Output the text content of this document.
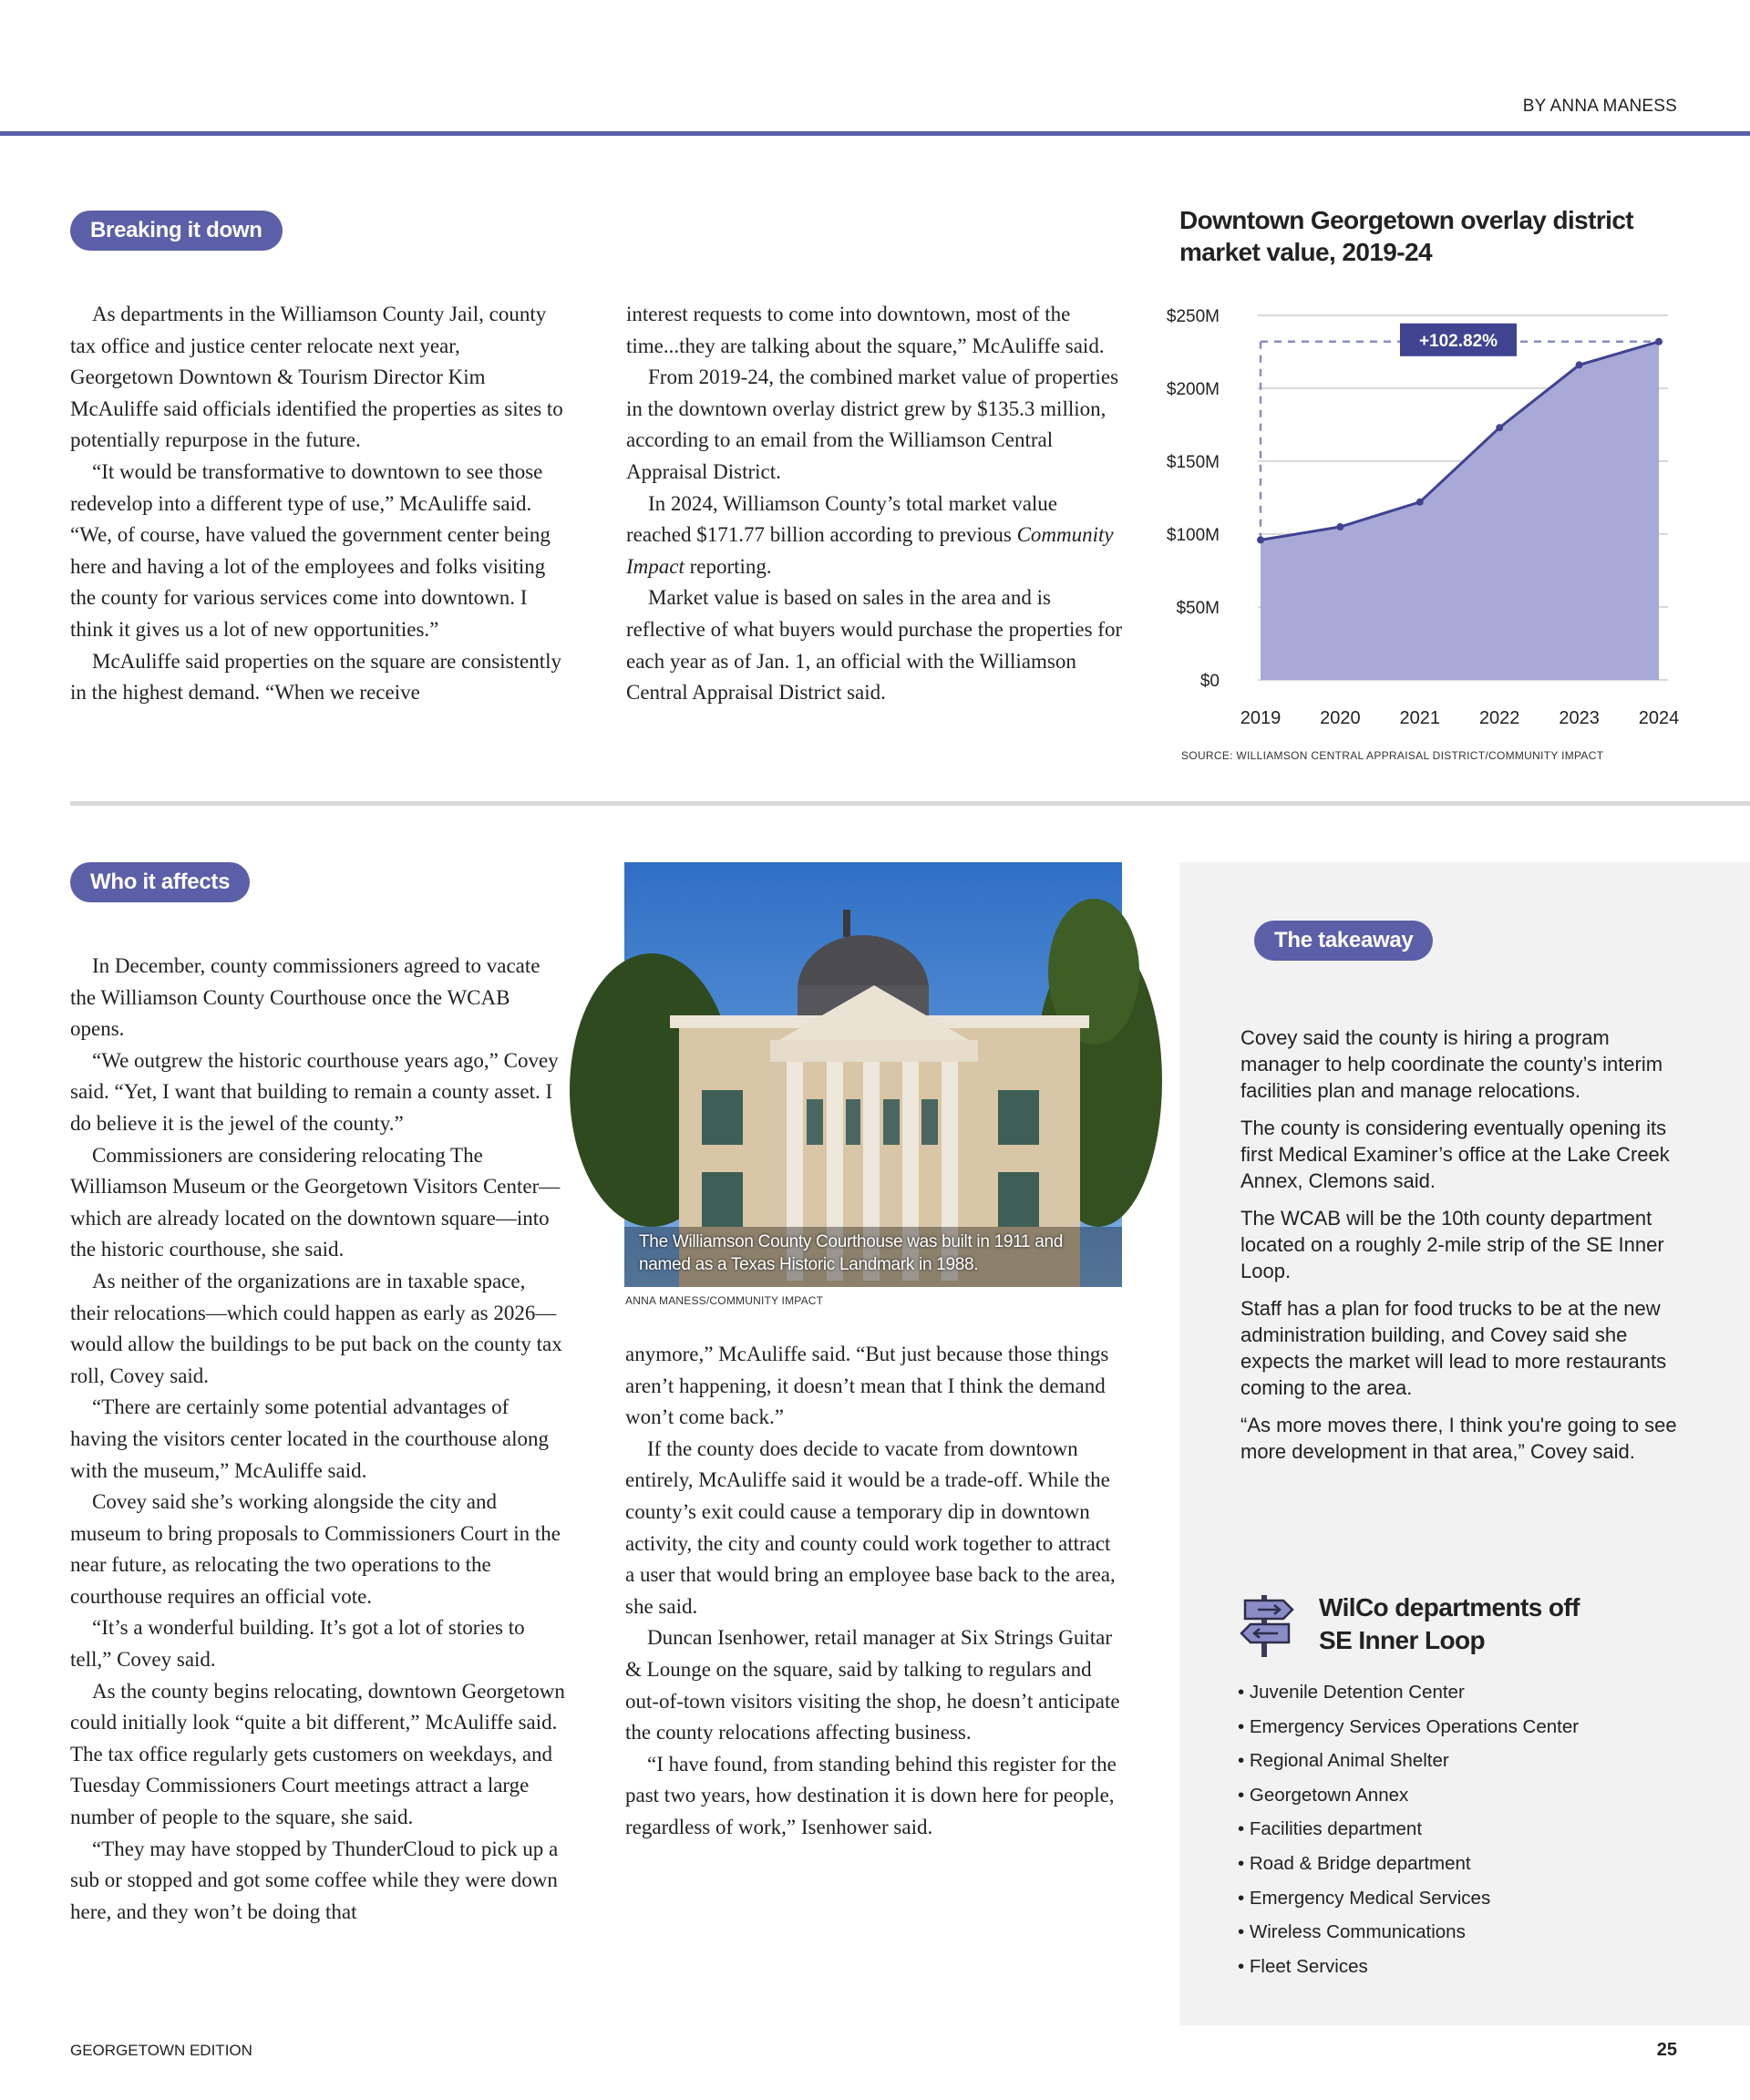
BY ANNA MANESS
Breaking it down

As departments in the Williamson County Jail, county tax office and justice center relocate next year, Georgetown Downtown & Tourism Director Kim McAuliffe said officials identified the properties as sites to potentially repurpose in the future.

“It would be transformative to downtown to see those redevelop into a different type of use,” McAuliffe said. “We, of course, have valued the government center being here and having a lot of the employees and folks visiting the county for various services come into downtown. I think it gives us a lot of new opportunities.”

McAuliffe said properties on the square are consistently in the highest demand. “When we receive

interest requests to come into downtown, most of the time...they are talking about the square,” McAuliffe said.

From 2019-24, the combined market value of properties in the downtown overlay district grew by $135.3 million, according to an email from the Williamson Central Appraisal District.

In 2024, Williamson County’s total market value reached $171.77 billion according to previous Community Impact reporting.

Market value is based on sales in the area and is reflective of what buyers would purchase the properties for each year as of Jan. 1, an official with the Williamson Central Appraisal District said.

Downtown Georgetown overlay district market value, 2019-24
$0
$50M
$100M
$150M
$200M
$250M
+102.82%
2019 2020 2021 2022 2023 2024
SOURCE: WILLIAMSON CENTRAL APPRAISAL DISTRICT/COMMUNITY IMPACT
Who it affects

In December, county commissioners agreed to vacate the Williamson County Courthouse once the WCAB opens.

“We outgrew the historic courthouse years ago,” Covey said. “Yet, I want that building to remain a county asset. I do believe it is the jewel of the county.”

Commissioners are considering relocating The Williamson Museum or the Georgetown Visitors Center—which are already located on the downtown square—into the historic courthouse, she said.

As neither of the organizations are in taxable space, their relocations—which could happen as early as 2026—would allow the buildings to be put back on the county tax roll, Covey said.

“There are certainly some potential advantages of having the visitors center located in the courthouse along with the museum,” McAuliffe said.

Covey said she’s working alongside the city and museum to bring proposals to Commissioners Court in the near future, as relocating the two operations to the courthouse requires an official vote.

“It’s a wonderful building. It’s got a lot of stories to tell,” Covey said.

As the county begins relocating, downtown Georgetown could initially look “quite a bit different,” McAuliffe said. The tax office regularly gets customers on weekdays, and Tuesday Commissioners Court meetings attract a large number of people to the square, she said.

“They may have stopped by ThunderCloud to pick up a sub or stopped and got some coffee while they were down here, and they won’t be doing that

The Williamson County Courthouse was built in 1911 and named as a Texas Historic Landmark in 1988.
ANNA MANESS/COMMUNITY IMPACT

anymore,” McAuliffe said. “But just because those things aren’t happening, it doesn’t mean that I think the demand won’t come back.”

If the county does decide to vacate from downtown entirely, McAuliffe said it would be a trade-off. While the county’s exit could cause a temporary dip in downtown activity, the city and county could work together to attract a user that would bring an employee base back to the area, she said.

Duncan Isenhower, retail manager at Six Strings Guitar & Lounge on the square, said by talking to regulars and out-of-town visitors visiting the shop, he doesn’t anticipate the county relocations affecting business.

“I have found, from standing behind this register for the past two years, how destination it is down here for people, regardless of work,” Isenhower said.

The takeaway

Covey said the county is hiring a program manager to help coordinate the county’s interim facilities plan and manage relocations.

The county is considering eventually opening its first Medical Examiner’s office at the Lake Creek Annex, Clemons said.

The WCAB will be the 10th county department located on a roughly 2-mile strip of the SE Inner Loop.

Staff has a plan for food trucks to be at the new administration building, and Covey said she expects the market will lead to more restaurants coming to the area.

“As more moves there, I think you're going to see more development in that area,” Covey said.

WilCo departments off
SE Inner Loop
• Juvenile Detention Center
• Emergency Services Operations Center
• Regional Animal Shelter
• Georgetown Annex
• Facilities department
• Road & Bridge department
• Emergency Medical Services
• Wireless Communications
• Fleet Services
GEORGETOWN EDITION	25
